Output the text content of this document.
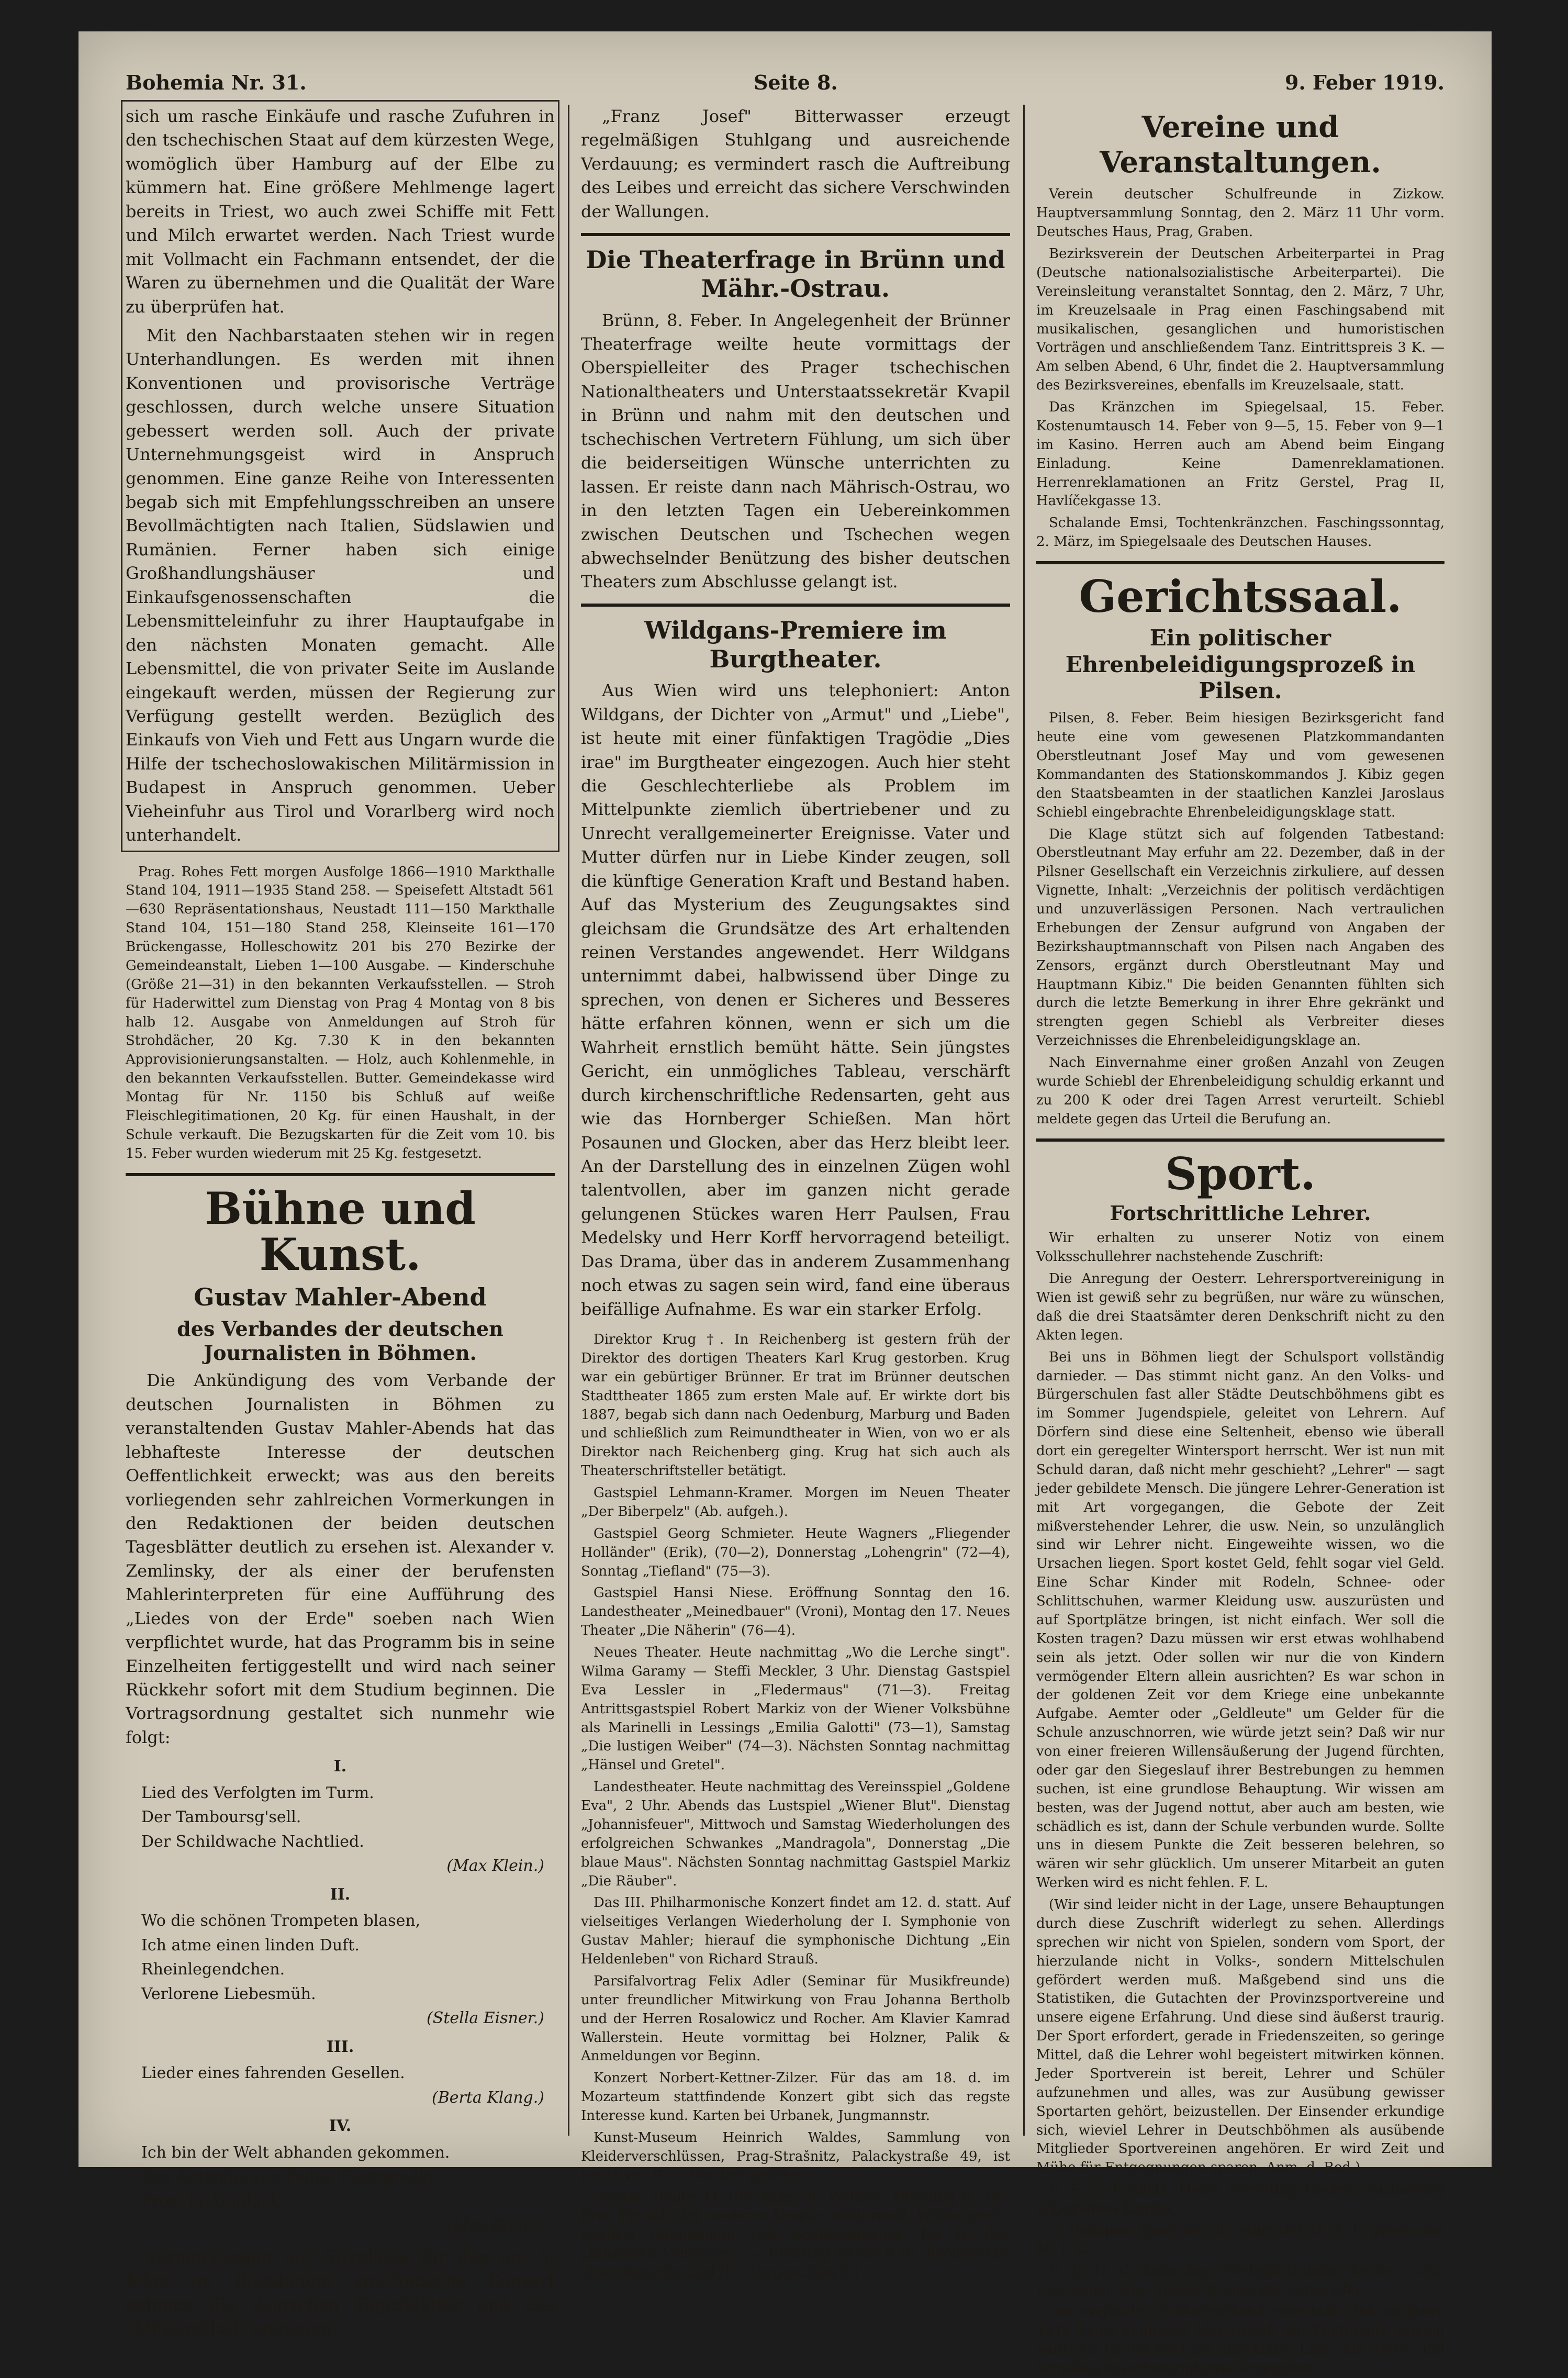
Bohemia Nr. 31.	Seite 8.	9. Feber 1919.

sich um rasche Einkäufe und rasche Zufuhren in den tschechischen Staat auf dem kürzesten Wege, womöglich über Hamburg auf der Elbe zu kümmern hat. Eine größere Mehlmenge lagert bereits in Triest, wo auch zwei Schiffe mit Fett und Milch erwartet werden. Nach Triest wurde mit Vollmacht ein Fachmann entsendet, der die Waren zu übernehmen und die Qualität der Ware zu überprüfen hat.

Mit den Nachbarstaaten stehen wir in regen Unterhandlungen. Es werden mit ihnen Konventionen und provisorische Verträge geschlossen, durch welche unsere Situation gebessert werden soll. Auch der private Unternehmungsgeist wird in Anspruch genommen. Eine ganze Reihe von Interessenten begab sich mit Empfehlungsschreiben an unsere Bevollmächtigten nach Italien, Südslawien und Rumänien. Ferner haben sich einige Großhandlungshäuser und Einkaufsgenossenschaften die Lebensmitteleinfuhr zu ihrer Hauptaufgabe in den nächsten Monaten gemacht. Alle Lebensmittel, die von privater Seite im Auslande eingekauft werden, müssen der Regierung zur Verfügung gestellt werden. Bezüglich des Einkaufs von Vieh und Fett aus Ungarn wurde die Hilfe der tschechoslowakischen Militärmission in Budapest in Anspruch genommen. Ueber Vieheinfuhr aus Tirol und Vorarlberg wird noch unterhandelt.

Prag. Rohes Fett morgen Ausfolge 1866—1910 Markthalle Stand 104, 1911—1935 Stand 258. — Speisefett Altstadt 561—630 Repräsentationshaus, Neustadt 111—150 Markthalle Stand 104, 151—180 Stand 258, Kleinseite 161—170 Brückengasse, Holleschowitz 201 bis 270 Bezirke der Gemeindeanstalt, Lieben 1—100 Ausgabe. — Kinderschuhe (Größe 21—31) in den bekannten Verkaufsstellen. — Stroh für Haderwittel zum Dienstag von Prag 4 Montag von 8 bis halb 12. Ausgabe von Anmeldungen auf Stroh für Strohdächer, 20 Kg. 7.30 K in den bekannten Approvisionierungsanstalten. — Holz, auch Kohlenmehle, in den bekannten Verkaufsstellen. Butter. Gemeindekasse wird Montag für Nr. 1150 bis Schluß auf weiße Fleischlegitimationen, 20 Kg. für einen Haushalt, in der Schule verkauft. Die Bezugskarten für die Zeit vom 10. bis 15. Feber wurden wiederum mit 25 Kg. festgesetzt.

Bühne und Kunst.
Gustav Mahler-Abend
des Verbandes der deutschen Journalisten in Böhmen.

Die Ankündigung des vom Verbande der deutschen Journalisten in Böhmen zu veranstaltenden Gustav Mahler-Abends hat das lebhafteste Interesse der deutschen Oeffentlichkeit erweckt; was aus den bereits vorliegenden sehr zahlreichen Vormerkungen in den Redaktionen der beiden deutschen Tagesblätter deutlich zu ersehen ist. Alexander v. Zemlinsky, der als einer der berufensten Mahlerinterpreten für eine Aufführung des „Liedes von der Erde" soeben nach Wien verpflichtet wurde, hat das Programm bis in seine Einzelheiten fertiggestellt und wird nach seiner Rückkehr sofort mit dem Studium beginnen. Die Vortragsordnung gestaltet sich nunmehr wie folgt:

I.
Lied des Verfolgten im Turm.
Der Tamboursg'sell.
Der Schildwache Nachtlied.
(Max Klein.)
II.
Wo die schönen Trompeten blasen,
Ich atme einen linden Duft.
Rheinlegendchen.
Verlorene Liebesmüh.
(Stella Eisner.)
III.
Lieder eines fahrenden Gesellen.
(Berta Klang.)
IV.
Ich bin der Welt abhanden gekommen.
Des Antonius von Padua Fischpredigt.
Trost im Unglück.
(Max Klein.)

Vormerkungen auf Sitzplätze für das am 5. März im Rudolfinum stattfindende Konzert nehmen die deutschen Tagesblätter und das „Mittagsblatt" entgegen.

„Franz Josef" Bitterwasser erzeugt regelmäßigen Stuhlgang und ausreichende Verdauung; es vermindert rasch die Auftreibung des Leibes und erreicht das sichere Verschwinden der Wallungen.

Die Theaterfrage in Brünn und Mähr.-Ostrau.

Brünn, 8. Feber. In Angelegenheit der Brünner Theaterfrage weilte heute vormittags der Oberspielleiter des Prager tschechischen Nationaltheaters und Unterstaatssekretär Kvapil in Brünn und nahm mit den deutschen und tschechischen Vertretern Fühlung, um sich über die beiderseitigen Wünsche unterrichten zu lassen. Er reiste dann nach Mährisch-Ostrau, wo in den letzten Tagen ein Uebereinkommen zwischen Deutschen und Tschechen wegen abwechselnder Benützung des bisher deutschen Theaters zum Abschlusse gelangt ist.

Wildgans-Premiere im Burgtheater.

Aus Wien wird uns telephoniert: Anton Wildgans, der Dichter von „Armut" und „Liebe", ist heute mit einer fünfaktigen Tragödie „Dies irae" im Burgtheater eingezogen. Auch hier steht die Geschlechterliebe als Problem im Mittelpunkte ziemlich übertriebener und zu Unrecht verallgemeinerter Ereignisse. Vater und Mutter dürfen nur in Liebe Kinder zeugen, soll die künftige Generation Kraft und Bestand haben. Auf das Mysterium des Zeugungsaktes sind gleichsam die Grundsätze des Art erhaltenden reinen Verstandes angewendet. Herr Wildgans unternimmt dabei, halbwissend über Dinge zu sprechen, von denen er Sicheres und Besseres hätte erfahren können, wenn er sich um die Wahrheit ernstlich bemüht hätte. Sein jüngstes Gericht, ein unmögliches Tableau, verschärft durch kirchenschriftliche Redensarten, geht aus wie das Hornberger Schießen. Man hört Posaunen und Glocken, aber das Herz bleibt leer. An der Darstellung des in einzelnen Zügen wohl talentvollen, aber im ganzen nicht gerade gelungenen Stückes waren Herr Paulsen, Frau Medelsky und Herr Korff hervorragend beteiligt. Das Drama, über das in anderem Zusammenhang noch etwas zu sagen sein wird, fand eine überaus beifällige Aufnahme. Es war ein starker Erfolg.

Direktor Krug †. In Reichenberg ist gestern früh der Direktor des dortigen Theaters Karl Krug gestorben. Krug war ein gebürtiger Brünner. Er trat im Brünner deutschen Stadttheater 1865 zum ersten Male auf. Er wirkte dort bis 1887, begab sich dann nach Oedenburg, Marburg und Baden und schließlich zum Reimundtheater in Wien, von wo er als Direktor nach Reichenberg ging. Krug hat sich auch als Theaterschriftsteller betätigt.

Gastspiel Lehmann-Kramer. Morgen im Neuen Theater „Der Biberpelz" (Ab. aufgeh.).

Gastspiel Georg Schmieter. Heute Wagners „Fliegender Holländer" (Erik), (70—2), Donnerstag „Lohengrin" (72—4), Sonntag „Tiefland" (75—3).

Gastspiel Hansi Niese. Eröffnung Sonntag den 16. Landestheater „Meinedbauer" (Vroni), Montag den 17. Neues Theater „Die Näherin" (76—4).

Neues Theater. Heute nachmittag „Wo die Lerche singt". Wilma Garamy — Steffi Meckler, 3 Uhr. Dienstag Gastspiel Eva Lessler in „Fledermaus" (71—3). Freitag Antrittsgastspiel Robert Markiz von der Wiener Volksbühne als Marinelli in Lessings „Emilia Galotti" (73—1), Samstag „Die lustigen Weiber" (74—3). Nächsten Sonntag nachmittag „Hänsel und Gretel".

Landestheater. Heute nachmittag des Vereinsspiel „Goldene Eva", 2 Uhr. Abends das Lustspiel „Wiener Blut". Dienstag „Johannisfeuer", Mittwoch und Samstag Wiederholungen des erfolgreichen Schwankes „Mandragola", Donnerstag „Die blaue Maus". Nächsten Sonntag nachmittag Gastspiel Markiz „Die Räuber".

Das III. Philharmonische Konzert findet am 12. d. statt. Auf vielseitiges Verlangen Wiederholung der I. Symphonie von Gustav Mahler; hierauf die symphonische Dichtung „Ein Heldenleben" von Richard Strauß.

Parsifalvortrag Felix Adler (Seminar für Musikfreunde) unter freundlicher Mitwirkung von Frau Johanna Bertholb und der Herren Rosalowicz und Rocher. Am Klavier Kamrad Wallerstein. Heute vormittag bei Holzner, Palik & Anmeldungen vor Beginn.

Konzert Norbert-Kettner-Zilzer. Für das am 18. d. im Mozarteum stattfindende Konzert gibt sich das regste Interesse kund. Karten bei Urbanek, Jungmannstr.

Kunst-Museum Heinrich Waldes, Sammlung von Kleiderverschlüssen, Prag-Strašnitz, Palackystraße 49, ist heute von 9—1 Uhr frei geöffnet.

Urania. Heute 11 Uhr Kurs Dr. Wolisch. Dienstag 6 Uhr: Prof. Frankl, Das moderne Drama: Wildbrandt, Wildenbruch, Gerhart Hauptmann: „Vor Sonnenaufgang" bis zu den „Einsamen Menschen". — Dienstag viertel 8 Dr. Rychnovsky, „Das deutsche Lied II". (Vorgestriten 5.)

Vereine und Veranstaltungen.

Verein deutscher Schulfreunde in Zizkow. Hauptversammlung Sonntag, den 2. März 11 Uhr vorm. Deutsches Haus, Prag, Graben.

Bezirksverein der Deutschen Arbeiterpartei in Prag (Deutsche nationalsozialistische Arbeiterpartei). Die Vereinsleitung veranstaltet Sonntag, den 2. März, 7 Uhr, im Kreuzelsaale in Prag einen Faschingsabend mit musikalischen, gesanglichen und humoristischen Vorträgen und anschließendem Tanz. Eintrittspreis 3 K. — Am selben Abend, 6 Uhr, findet die 2. Hauptversammlung des Bezirksvereines, ebenfalls im Kreuzelsaale, statt.

Das Kränzchen im Spiegelsaal, 15. Feber. Kostenumtausch 14. Feber von 9—5, 15. Feber von 9—1 im Kasino. Herren auch am Abend beim Eingang Einladung. Keine Damenreklamationen. Herrenreklamationen an Fritz Gerstel, Prag II, Havlíčekgasse 13.

Schalande Emsi, Tochtenkränzchen. Faschingssonntag, 2. März, im Spiegelsaale des Deutschen Hauses.

Gerichtssaal.
Ein politischer Ehrenbeleidigungsprozeß in Pilsen.

Pilsen, 8. Feber. Beim hiesigen Bezirksgericht fand heute eine vom gewesenen Platzkommandanten Oberstleutnant Josef May und vom gewesenen Kommandanten des Stationskommandos J. Kibiz gegen den Staatsbeamten in der staatlichen Kanzlei Jaroslaus Schiebl eingebrachte Ehrenbeleidigungsklage statt.

Die Klage stützt sich auf folgenden Tatbestand: Oberstleutnant May erfuhr am 22. Dezember, daß in der Pilsner Gesellschaft ein Verzeichnis zirkuliere, auf dessen Vignette, Inhalt: „Verzeichnis der politisch verdächtigen und unzuverlässigen Personen. Nach vertraulichen Erhebungen der Zensur aufgrund von Angaben der Bezirkshauptmannschaft von Pilsen nach Angaben des Zensors, ergänzt durch Oberstleutnant May und Hauptmann Kibiz." Die beiden Genannten fühlten sich durch die letzte Bemerkung in ihrer Ehre gekränkt und strengten gegen Schiebl als Verbreiter dieses Verzeichnisses die Ehrenbeleidigungsklage an.

Nach Einvernahme einer großen Anzahl von Zeugen wurde Schiebl der Ehrenbeleidigung schuldig erkannt und zu 200 K oder drei Tagen Arrest verurteilt. Schiebl meldete gegen das Urteil die Berufung an.

Sport.
Fortschrittliche Lehrer.

Wir erhalten zu unserer Notiz von einem Volksschullehrer nachstehende Zuschrift:

Die Anregung der Oesterr. Lehrersportvereinigung in Wien ist gewiß sehr zu begrüßen, nur wäre zu wünschen, daß die drei Staatsämter deren Denkschrift nicht zu den Akten legen.

Bei uns in Böhmen liegt der Schulsport vollständig darnieder. — Das stimmt nicht ganz. An den Volks- und Bürgerschulen fast aller Städte Deutschböhmens gibt es im Sommer Jugendspiele, geleitet von Lehrern. Auf Dörfern sind diese eine Seltenheit, ebenso wie überall dort ein geregelter Wintersport herrscht. Wer ist nun mit Schuld daran, daß nicht mehr geschieht? „Lehrer" — sagt jeder gebildete Mensch. Die jüngere Lehrer-Generation ist mit Art vorgegangen, die Gebote der Zeit mißverstehender Lehrer, die usw. Nein, so unzulänglich sind wir Lehrer nicht. Eingeweihte wissen, wo die Ursachen liegen. Sport kostet Geld, fehlt sogar viel Geld. Eine Schar Kinder mit Rodeln, Schnee- oder Schlittschuhen, warmer Kleidung usw. auszurüsten und auf Sportplätze bringen, ist nicht einfach. Wer soll die Kosten tragen? Dazu müssen wir erst etwas wohlhabend sein als jetzt. Oder sollen wir nur die von Kindern vermögender Eltern allein ausrichten? Es war schon in der goldenen Zeit vor dem Kriege eine unbekannte Aufgabe. Aemter oder „Geldleute" um Gelder für die Schule anzuschnorren, wie würde jetzt sein? Daß wir nur von einer freieren Willensäußerung der Jugend fürchten, oder gar den Siegeslauf ihrer Bestrebungen zu hemmen suchen, ist eine grundlose Behauptung. Wir wissen am besten, was der Jugend nottut, aber auch am besten, wie schädlich es ist, dann der Schule verbunden wurde. Sollte uns in diesem Punkte die Zeit besseren belehren, so wären wir sehr glücklich. Um unserer Mitarbeit an guten Werken wird es nicht fehlen. F. L.

(Wir sind leider nicht in der Lage, unsere Behauptungen durch diese Zuschrift widerlegt zu sehen. Allerdings sprechen wir nicht von Spielen, sondern vom Sport, der hierzulande nicht in Volks-, sondern Mittelschulen gefördert werden muß. Maßgebend sind uns die Statistiken, die Gutachten der Provinzsportvereine und unsere eigene Erfahrung. Und diese sind äußerst traurig. Der Sport erfordert, gerade in Friedenszeiten, so geringe Mittel, daß die Lehrer wohl begeistert mitwirken können. Jeder Sportverein ist bereit, Lehrer und Schüler aufzunehmen und alles, was zur Ausübung gewisser Sportarten gehört, beizustellen. Der Einsender erkundige sich, wieviel Lehrer in Deutschböhmen als ausübende Mitglieder Sportvereinen angehören. Er wird Zeit und Mühe für Entgegnungen sparen. Anm. d. Red.)

D. F. C. Eisplatz. Heute vormittag Hockey, nachmittag allgemeines Laufen.

In Budapest spielt am 30. März der W. A. F. gegen den M. T. K.

D. E. H. C. Eishockey. Wettspieltraining heute 3 Uhr. Erscheinen aller Spieler bringendst notwendig.

Der englische Fußballverband veranlaßt, daß im Jahre 1919 keine englische Mannschaft am Kontinente spielen wird. Als Grund wird die ungeklärte Lage, die Reise- und Verpflegungsschwierigkeiten angegeben.
